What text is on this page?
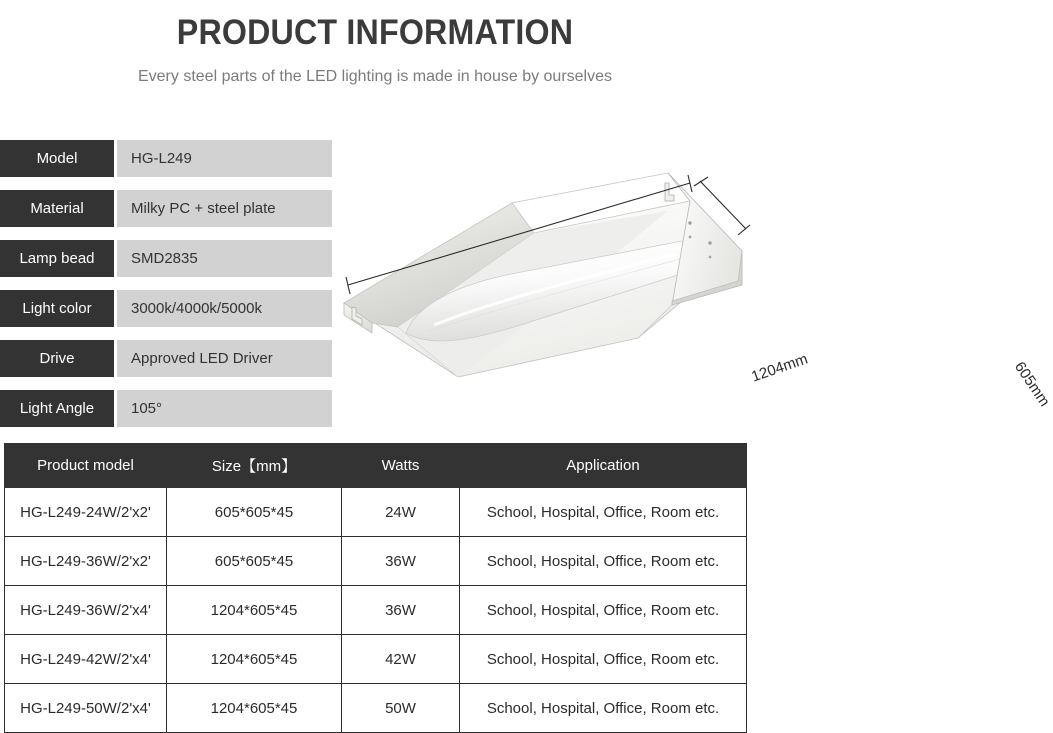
PRODUCT INFORMATION
Every steel parts of the LED lighting is made in house by ourselves
Model	HG-L249
Material	Milky PC + steel plate
Lamp bead	SMD2835
Light color	3000k/4000k/5000k
Drive	Approved LED Driver
Light Angle	105°
1204mm	605mm
Product model	Size【mm】	Watts	Application
HG-L249-24W/2'x2'	605*605*45	24W	School, Hospital, Office, Room etc.
HG-L249-36W/2'x2'	605*605*45	36W	School, Hospital, Office, Room etc.
HG-L249-36W/2'x4'	1204*605*45	36W	School, Hospital, Office, Room etc.
HG-L249-42W/2'x4'	1204*605*45	42W	School, Hospital, Office, Room etc.
HG-L249-50W/2'x4'	1204*605*45	50W	School, Hospital, Office, Room etc.
